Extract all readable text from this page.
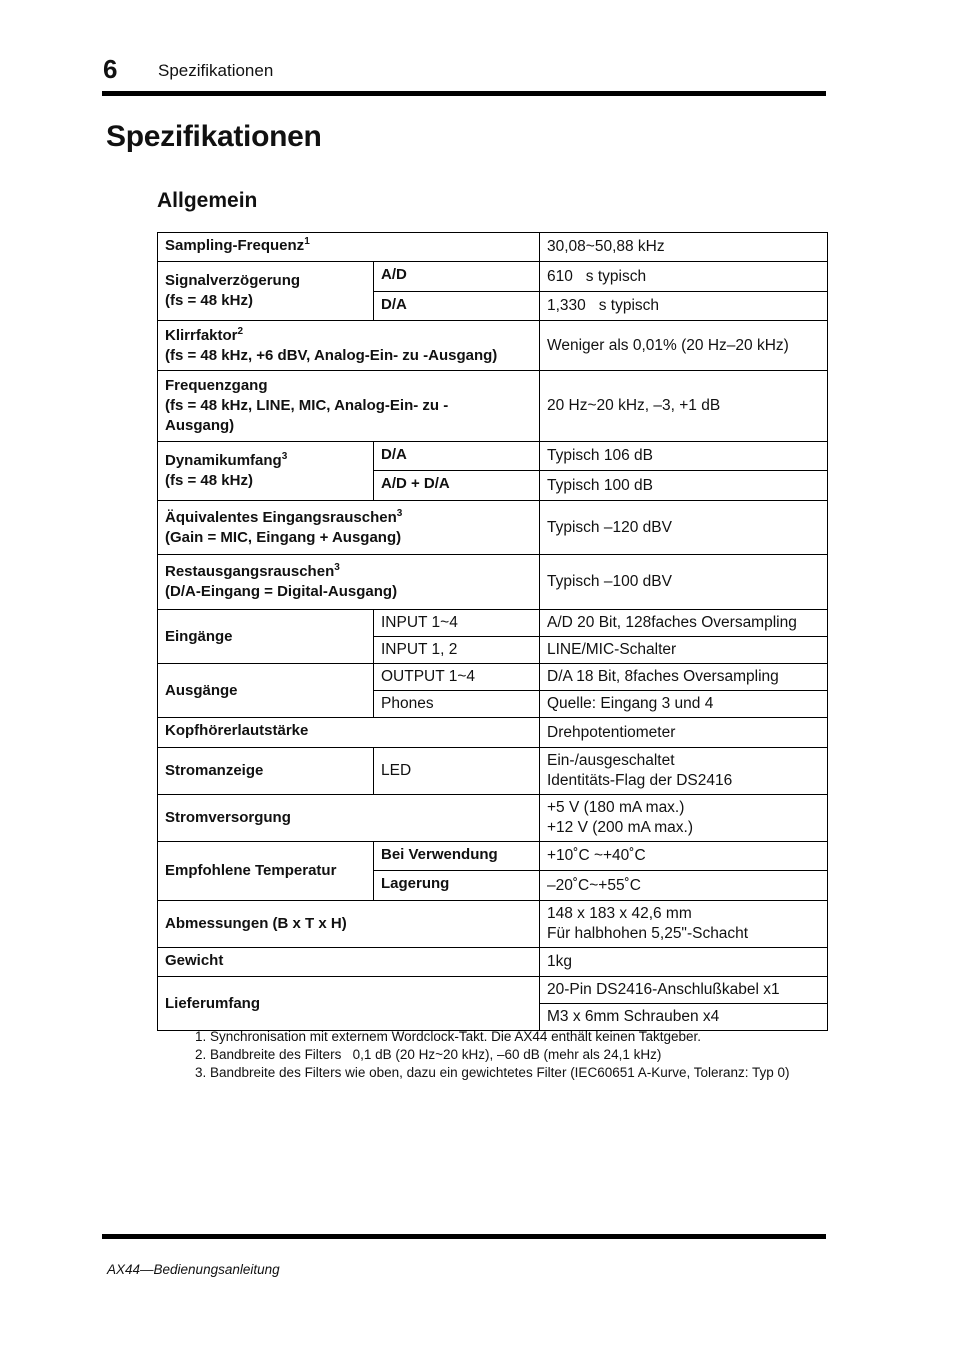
6 Spezifikationen
Spezifikationen
Allgemein
Sampling-Frequenz$^1$		30,08~50,88 kHz

Signalverzögerung
(fs = 48 kHz)	A/D	610   s typisch
	D/A	1,330   s typisch

Klirrfaktor$^2$
(fs = 48 kHz, +6 dBV, Analog-Ein- zu -Ausgang)		Weniger als 0,01% (20 Hz–20 kHz)

Frequenzgang
(fs = 48 kHz, LINE, MIC, Analog-Ein- zu -Ausgang)		20 Hz~20 kHz, –3, +1 dB

Dynamikumfang$^3$
(fs = 48 kHz)	D/A	Typisch 106 dB
	A/D + D/A	Typisch 100 dB

Äquivalentes Eingangsrauschen$^3$
(Gain = MIC, Eingang + Ausgang)		Typisch –120 dBV

Restausgangsrauschen$^3$
(D/A-Eingang = Digital-Ausgang)		Typisch –100 dBV
Eingänge	INPUT 1~4	A/D 20 Bit, 128faches Oversampling
	INPUT 1, 2	LINE/MIC-Schalter
Ausgänge	OUTPUT 1~4	D/A 18 Bit, 8faches Oversampling
	Phones	Quelle: Eingang 3 und 4
Kopfhörerlautstärke		Drehpotentiometer
Stromanzeige	LED	Ein-/ausgeschaltet
Identitäts-Flag der DS2416

Stromversorgung		+5 V (180 mA max.)
+12 V (200 mA max.)

Empfohlene Temperatur	Bei Verwendung	+10˚C ~+40˚C
	Lagerung	–20˚C~+55˚C
Abmessungen (B x T x H)		148 x 183 x 42,6 mm
Für halbhohen 5,25"-Schacht

Gewicht		1kg
Lieferumfang		20-Pin DS2416-Anschlußkabel x1
		M3 x 6mm Schrauben x4
1. Synchronisation mit externem Wordclock-Takt. Die AX44 enthält keinen Taktgeber.
2. Bandbreite des Filters   0,1 dB (20 Hz~20 kHz), –60 dB (mehr als 24,1 kHz)
3. Bandbreite des Filters wie oben, dazu ein gewichtetes Filter (IEC60651 A-Kurve, Toleranz: Typ 0)
AX44—Bedienungsanleitung
